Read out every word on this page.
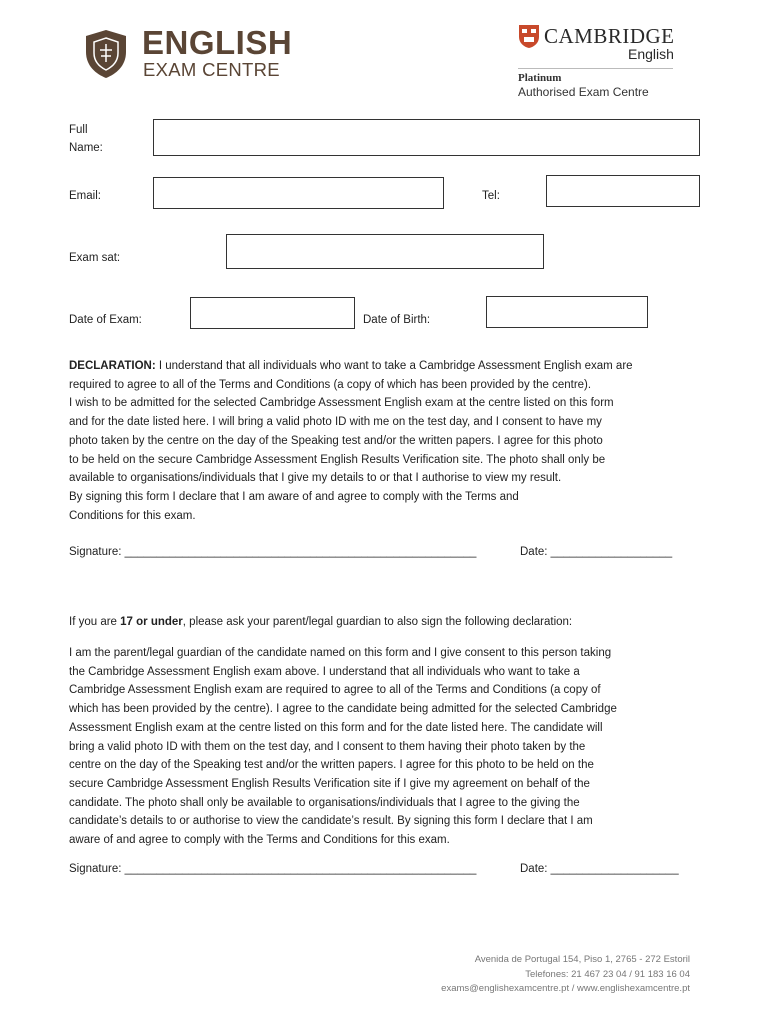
ENGLISH
EXAM CENTRE
CAMBRIDGE
English
Platinum
Authorised Exam Centre
Full
Name:
Email:	Tel:
Exam sat:
Date of Exam:	Date of Birth:

DECLARATION: I understand that all individuals who want to take a Cambridge Assessment English exam are

required to agree to all of the Terms and Conditions (a copy of which has been provided by the centre).

I wish to be admitted for the selected Cambridge Assessment English exam at the centre listed on this form

and for the date listed here. I will bring a valid photo ID with me on the test day, and I consent to have my

photo taken by the centre on the day of the Speaking test and/or the written papers. I agree for this photo

to be held on the secure Cambridge Assessment English Results Verification site. The photo shall only be

available to organisations/individuals that I give my details to or that I authorise to view my result.

By signing this form I declare that I am aware of and agree to comply with the Terms and

Conditions for this exam.

Signature: _______________________________________________________	Date: ___________________

If you are 17 or under, please ask your parent/legal guardian to also sign the following declaration:

I am the parent/legal guardian of the candidate named on this form and I give consent to this person taking

the Cambridge Assessment English exam above. I understand that all individuals who want to take a

Cambridge Assessment English exam are required to agree to all of the Terms and Conditions (a copy of

which has been provided by the centre). I agree to the candidate being admitted for the selected Cambridge

Assessment English exam at the centre listed on this form and for the date listed here. The candidate will

bring a valid photo ID with them on the test day, and I consent to them having their photo taken by the

centre on the day of the Speaking test and/or the written papers. I agree for this photo to be held on the

secure Cambridge Assessment English Results Verification site if I give my agreement on behalf of the

candidate. The photo shall only be available to organisations/individuals that I agree to the giving the

candidate’s details to or authorise to view the candidate’s result. By signing this form I declare that I am

aware of and agree to comply with the Terms and Conditions for this exam.

Signature: _______________________________________________________	Date: ____________________
Avenida de Portugal 154, Piso 1, 2765 - 272 Estoril
Telefones: 21 467 23 04 / 91 183 16 04
exams@englishexamcentre.pt / www.englishexamcentre.pt
